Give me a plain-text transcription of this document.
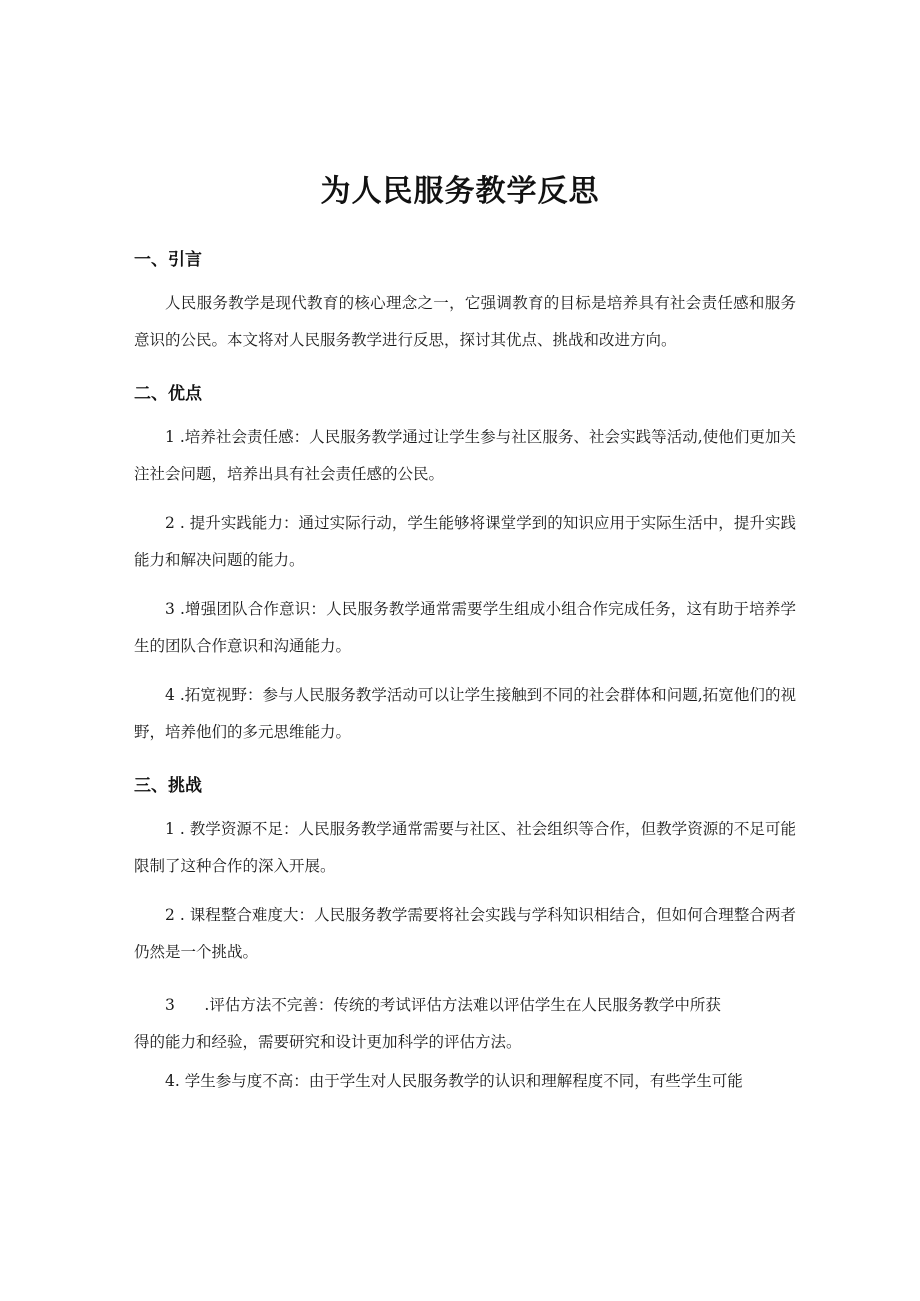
为人民服务教学反思
一、引言

人民服务教学是现代教育的核心理念之一，它强调教育的目标是培养具有社会责任感和服务意识的公民。本文将对人民服务教学进行反思，探讨其优点、挑战和改进方向。

二、优点

1 .培养社会责任感：人民服务教学通过让学生参与社区服务、社会实践等活动,使他们更加关注社会问题，培养出具有社会责任感的公民。

2 . 提升实践能力：通过实际行动，学生能够将课堂学到的知识应用于实际生活中，提升实践能力和解决问题的能力。

3 .增强团队合作意识：人民服务教学通常需要学生组成小组合作完成任务，这有助于培养学生的团队合作意识和沟通能力。

4 .拓宽视野：参与人民服务教学活动可以让学生接触到不同的社会群体和问题,拓宽他们的视野，培养他们的多元思维能力。

三、挑战

1 . 教学资源不足：人民服务教学通常需要与社区、社会组织等合作，但教学资源的不足可能限制了这种合作的深入开展。

2 . 课程整合难度大：人民服务教学需要将社会实践与学科知识相结合，但如何合理整合两者仍然是一个挑战。

3      .评估方法不完善：传统的考试评估方法难以评估学生在人民服务教学中所获

得的能力和经验，需要研究和设计更加科学的评估方法。

4. 学生参与度不高：由于学生对人民服务教学的认识和理解程度不同，有些学生可能
